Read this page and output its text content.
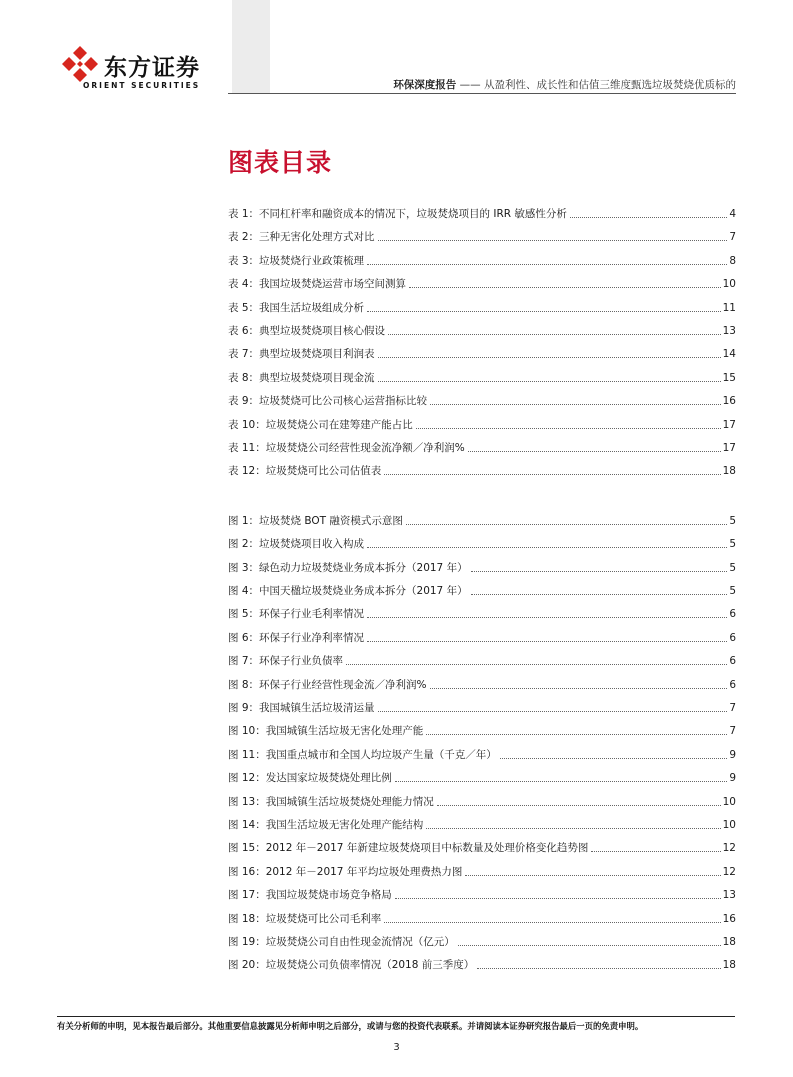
东方证券
ORIENT SECURITIES	环保深度报告 —— 从盈利性、成长性和估值三维度甄选垃圾焚烧优质标的
图表目录
表 1：不同杠杆率和融资成本的情况下，垃圾焚烧项目的 IRR 敏感性分析	4
表 2：三种无害化处理方式对比	7
表 3：垃圾焚烧行业政策梳理	8
表 4：我国垃圾焚烧运营市场空间测算	10
表 5：我国生活垃圾组成分析	11
表 6：典型垃圾焚烧项目核心假设	13
表 7：典型垃圾焚烧项目利润表	14
表 8：典型垃圾焚烧项目现金流	15
表 9：垃圾焚烧可比公司核心运营指标比较	16
表 10：垃圾焚烧公司在建筹建产能占比	17
表 11：垃圾焚烧公司经营性现金流净额／净利润%	17
表 12：垃圾焚烧可比公司估值表	18
图 1：垃圾焚烧 BOT 融资模式示意图	5
图 2：垃圾焚烧项目收入构成	5
图 3：绿色动力垃圾焚烧业务成本拆分（2017 年）	5
图 4：中国天楹垃圾焚烧业务成本拆分（2017 年）	5
图 5：环保子行业毛利率情况	6
图 6：环保子行业净利率情况	6
图 7：环保子行业负债率	6
图 8：环保子行业经营性现金流／净利润%	6
图 9：我国城镇生活垃圾清运量	7
图 10：我国城镇生活垃圾无害化处理产能	7
图 11：我国重点城市和全国人均垃圾产生量（千克／年）	9
图 12：发达国家垃圾焚烧处理比例	9
图 13：我国城镇生活垃圾焚烧处理能力情况	10
图 14：我国生活垃圾无害化处理产能结构	10
图 15：2012 年－2017 年新建垃圾焚烧项目中标数量及处理价格变化趋势图	12
图 16：2012 年－2017 年平均垃圾处理费热力图	12
图 17：我国垃圾焚烧市场竞争格局	13
图 18：垃圾焚烧可比公司毛利率	16
图 19：垃圾焚烧公司自由性现金流情况（亿元）	18
图 20：垃圾焚烧公司负债率情况（2018 前三季度）	18
有关分析师的申明，见本报告最后部分。其他重要信息披露见分析师申明之后部分，或请与您的投资代表联系。并请阅读本证券研究报告最后一页的免责申明。
3
